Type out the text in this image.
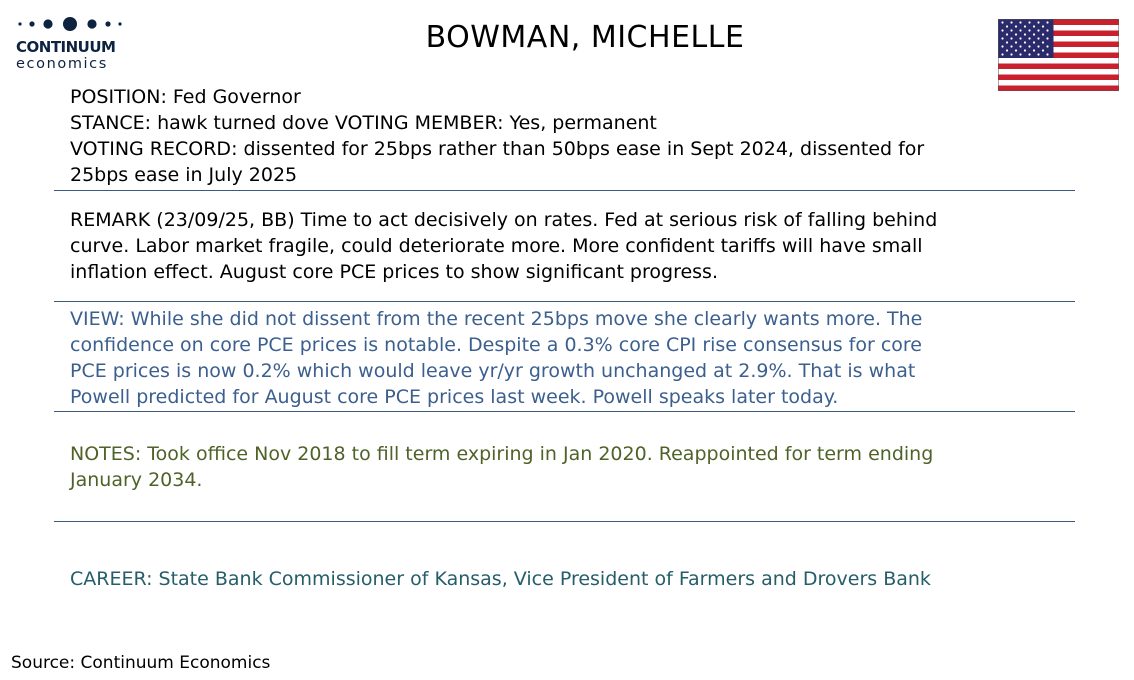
CONTINUUM
economics
BOWMAN, MICHELLE
POSITION: Fed Governor
STANCE: hawk turned dove VOTING MEMBER: Yes, permanent
VOTING RECORD: dissented for 25bps rather than 50bps ease in Sept 2024, dissented for
25bps ease in July 2025
REMARK (23/09/25, BB) Time to act decisively on rates. Fed at serious risk of falling behind
curve. Labor market fragile, could deteriorate more. More confident tariffs will have small
inflation effect. August core PCE prices to show significant progress.
VIEW: While she did not dissent from the recent 25bps move she clearly wants more. The
confidence on core PCE prices is notable. Despite a 0.3% core CPI rise consensus for core
PCE prices is now 0.2% which would leave yr/yr growth unchanged at 2.9%. That is what
Powell predicted for August core PCE prices last week. Powell speaks later today.
NOTES: Took office Nov 2018 to fill term expiring in Jan 2020. Reappointed for term ending
January 2034.
CAREER: State Bank Commissioner of Kansas, Vice President of Farmers and Drovers Bank
Source: Continuum Economics
